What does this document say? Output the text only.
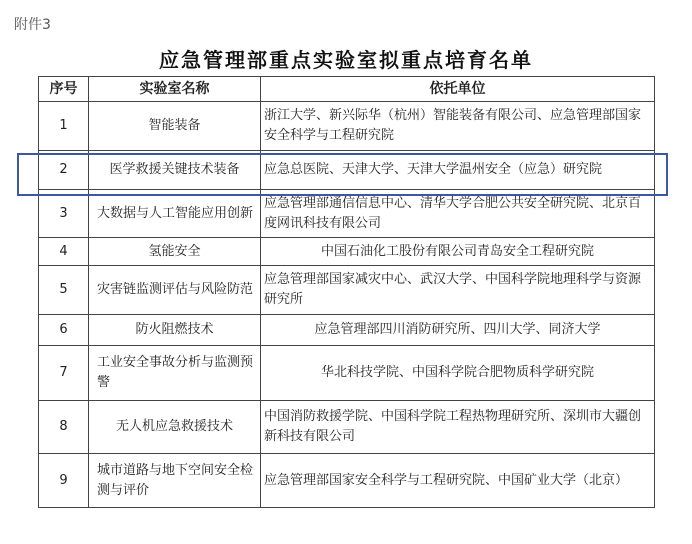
附件3
应急管理部重点实验室拟重点培育名单
序号	实验室名称	依托单位
1	智能装备	浙江大学、新兴际华（杭州）智能装备有限公司、应急管理部国家安全科学与工程研究院
2	医学救援关键技术装备	应急总医院、天津大学、天津大学温州安全（应急）研究院
3	大数据与人工智能应用创新	应急管理部通信信息中心、清华大学合肥公共安全研究院、北京百度网讯科技有限公司
4	氢能安全	中国石油化工股份有限公司青岛安全工程研究院
5	灾害链监测评估与风险防范	应急管理部国家减灾中心、武汉大学、中国科学院地理科学与资源研究所
6	防火阻燃技术	应急管理部四川消防研究所、四川大学、同济大学
7	工业安全事故分析与监测预警	华北科技学院、中国科学院合肥物质科学研究院
8	无人机应急救援技术	中国消防救援学院、中国科学院工程热物理研究所、深圳市大疆创新科技有限公司
9	城市道路与地下空间安全检测与评价	应急管理部国家安全科学与工程研究院、中国矿业大学（北京）
